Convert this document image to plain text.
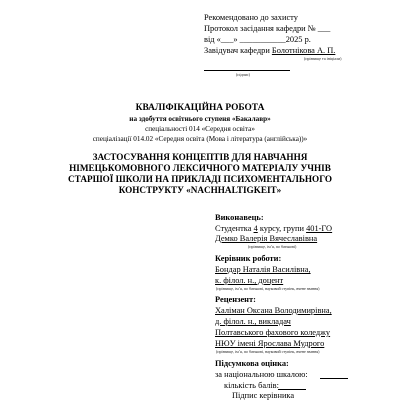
Рекомендовано до захисту
Протокол засідання кафедри № ___
від «___» ___________2025 р.
Завідувач кафедри Болотнікова А. П.
(прізвище та ініціали)
(підпис)
КВАЛІФІКАЦІЙНА РОБОТА
на здобуття освітнього ступеня «Бакалавр»
спеціальності 014 «Середня освіта»
спеціалізації 014.02 «Середня освіта (Мова і література (англійська))»
ЗАСТОСУВАННЯ КОНЦЕПТІВ ДЛЯ НАВЧАННЯ
НІМЕЦЬКОМОВНОГО ЛЕКСИЧНОГО МАТЕРІАЛУ УЧНІВ
СТАРШОЇ ШКОЛИ НА ПРИКЛАДІ ПСИХОМЕНТАЛЬНОГО
КОНСТРУКТУ «NACHHALTIGKEIT»
Виконавець:
Студентка 4 курсу, групи 401-ГО
Демко Валерія Вячеславівна
(прізвище, ім’я, по батькові)
Керівник роботи:
Бондар Наталія Василівна,
к. філол. н., доцент
(прізвище, ім’я, по батькові, науковий ступінь, вчене звання)
Рецензент:
Халіман Оксана Володимирівна,
д. філол. н., викладач
Полтавського фахового коледжу
НЮУ імені Ярослава Мудрого
(прізвище, ім’я, по батькові, науковий ступінь, вчене звання)
Підсумкова оцінка:
за національною шкалою:
кількість балів:
Підпис керівника
